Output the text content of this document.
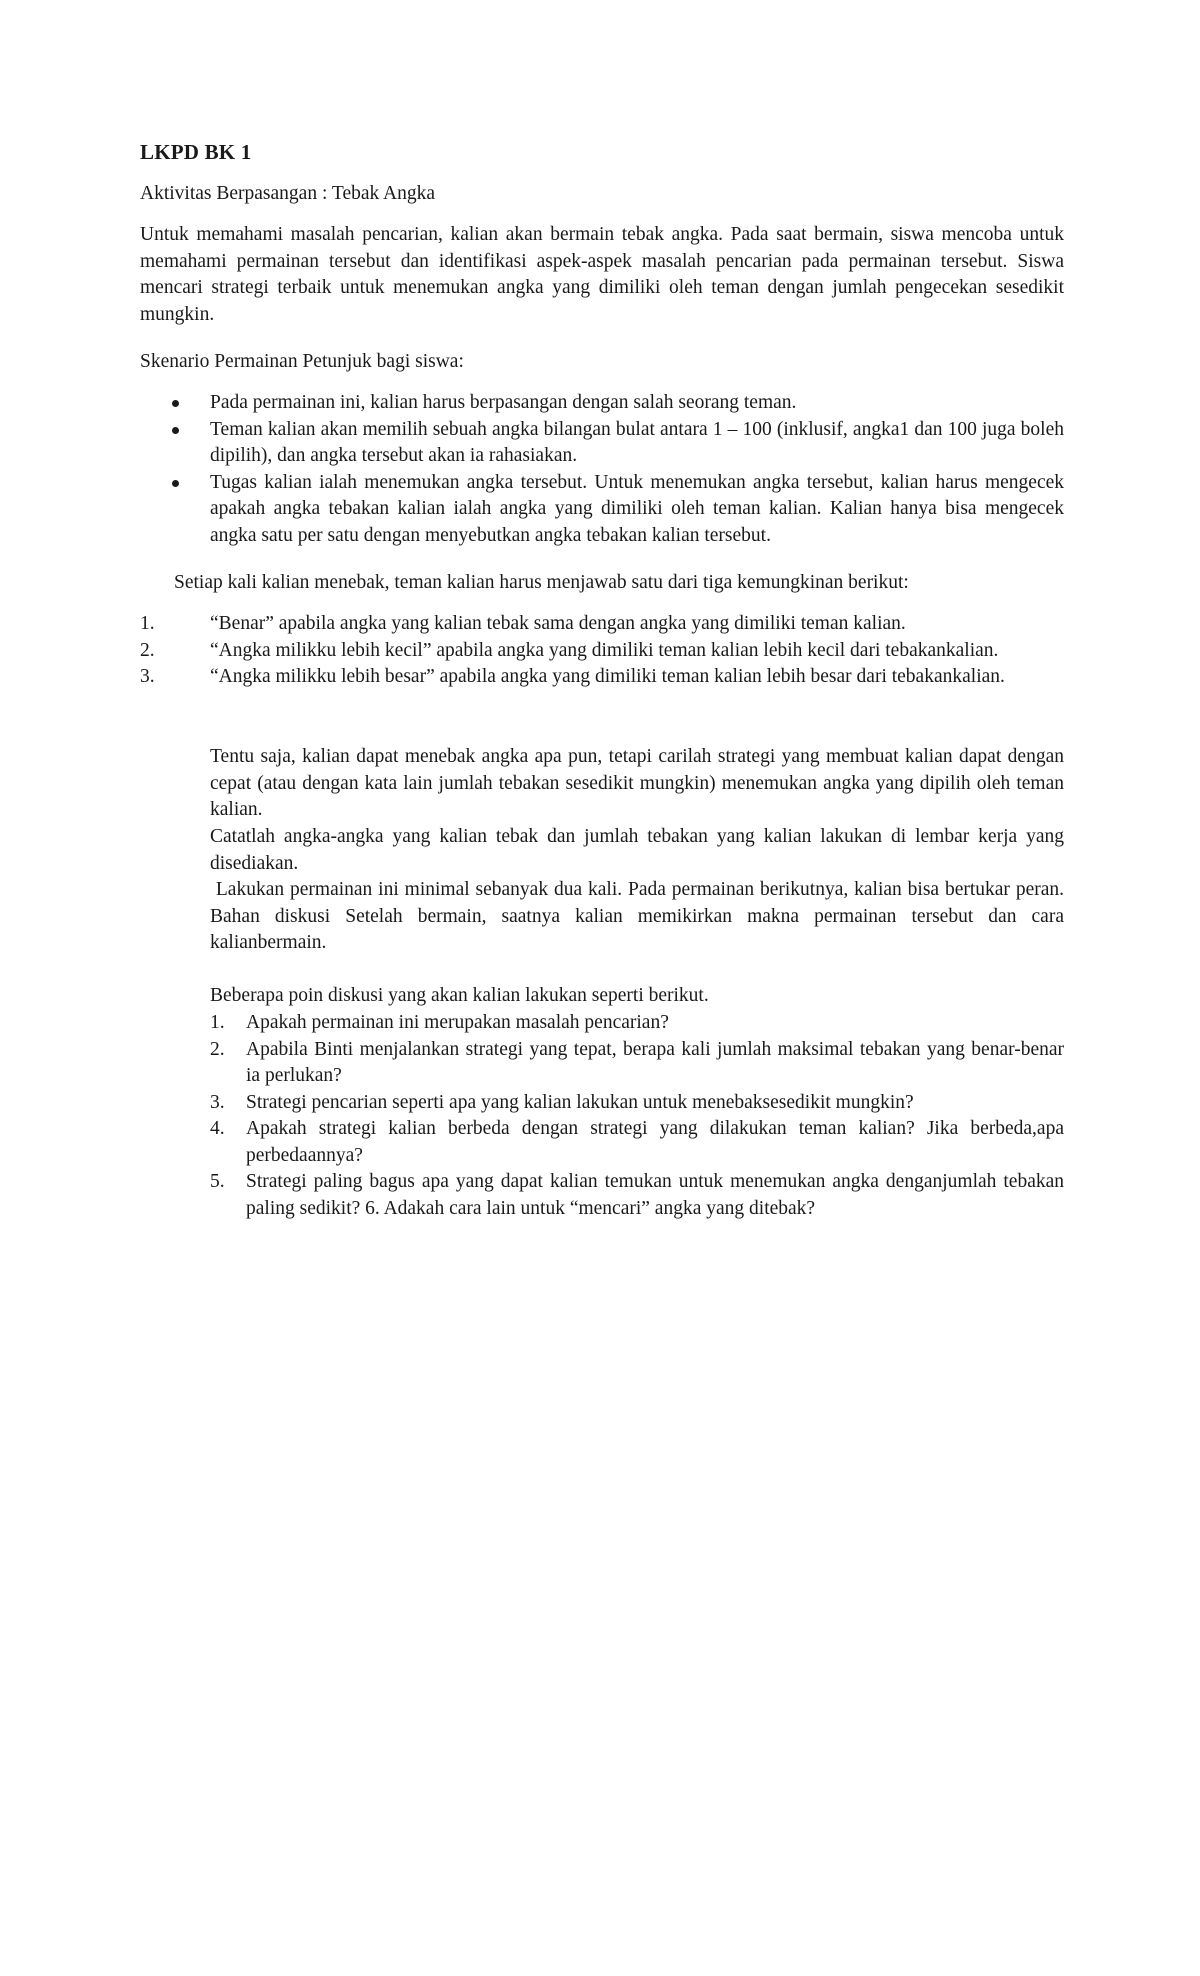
LKPD BK 1
Aktivitas Berpasangan : Tebak Angka
Untuk memahami masalah pencarian, kalian akan bermain tebak angka. Pada saat bermain, siswa mencoba untuk memahami permainan tersebut dan identifikasi aspek-aspek masalah pencarian pada permainan tersebut. Siswa mencari strategi terbaik untuk menemukan angka yang dimiliki oleh teman dengan jumlah pengecekan sesedikit mungkin.
Skenario Permainan Petunjuk bagi siswa:
Pada permainan ini, kalian harus berpasangan dengan salah seorang teman.
Teman kalian akan memilih sebuah angka bilangan bulat antara 1 – 100 (inklusif, angka1 dan 100 juga boleh dipilih), dan angka tersebut akan ia rahasiakan.
Tugas kalian ialah menemukan angka tersebut. Untuk menemukan angka tersebut, kalian harus mengecek apakah angka tebakan kalian ialah angka yang dimiliki oleh teman kalian. Kalian hanya bisa mengecek angka satu per satu dengan menyebutkan angka tebakan kalian tersebut.
Setiap kali kalian menebak, teman kalian harus menjawab satu dari tiga kemungkinan berikut:
1.	“Benar” apabila angka yang kalian tebak sama dengan angka yang dimiliki teman kalian.
2.	“Angka milikku lebih kecil” apabila angka yang dimiliki teman kalian lebih kecil dari tebakankalian.
3.	“Angka milikku lebih besar” apabila angka yang dimiliki teman kalian lebih besar dari tebakankalian.
Tentu saja, kalian dapat menebak angka apa pun, tetapi carilah strategi yang membuat kalian dapat dengan cepat (atau dengan kata lain jumlah tebakan sesedikit mungkin) menemukan angka yang dipilih oleh teman kalian.
Catatlah angka-angka yang kalian tebak dan jumlah tebakan yang kalian lakukan di lembar kerja yang disediakan.
Lakukan permainan ini minimal sebanyak dua kali. Pada permainan berikutnya, kalian bisa bertukar peran. Bahan diskusi Setelah bermain, saatnya kalian memikirkan makna permainan tersebut dan cara kalianbermain.
Beberapa poin diskusi yang akan kalian lakukan seperti berikut.
1. Apakah permainan ini merupakan masalah pencarian?
2. Apabila Binti menjalankan strategi yang tepat, berapa kali jumlah maksimal tebakan yang benar-benar ia perlukan?
3. Strategi pencarian seperti apa yang kalian lakukan untuk menebaksesedikit mungkin?
4. Apakah strategi kalian berbeda dengan strategi yang dilakukan teman kalian? Jika berbeda,apa perbedaannya?
5. Strategi paling bagus apa yang dapat kalian temukan untuk menemukan angka denganjumlah tebakan paling sedikit? 6. Adakah cara lain untuk “mencari” angka yang ditebak?
